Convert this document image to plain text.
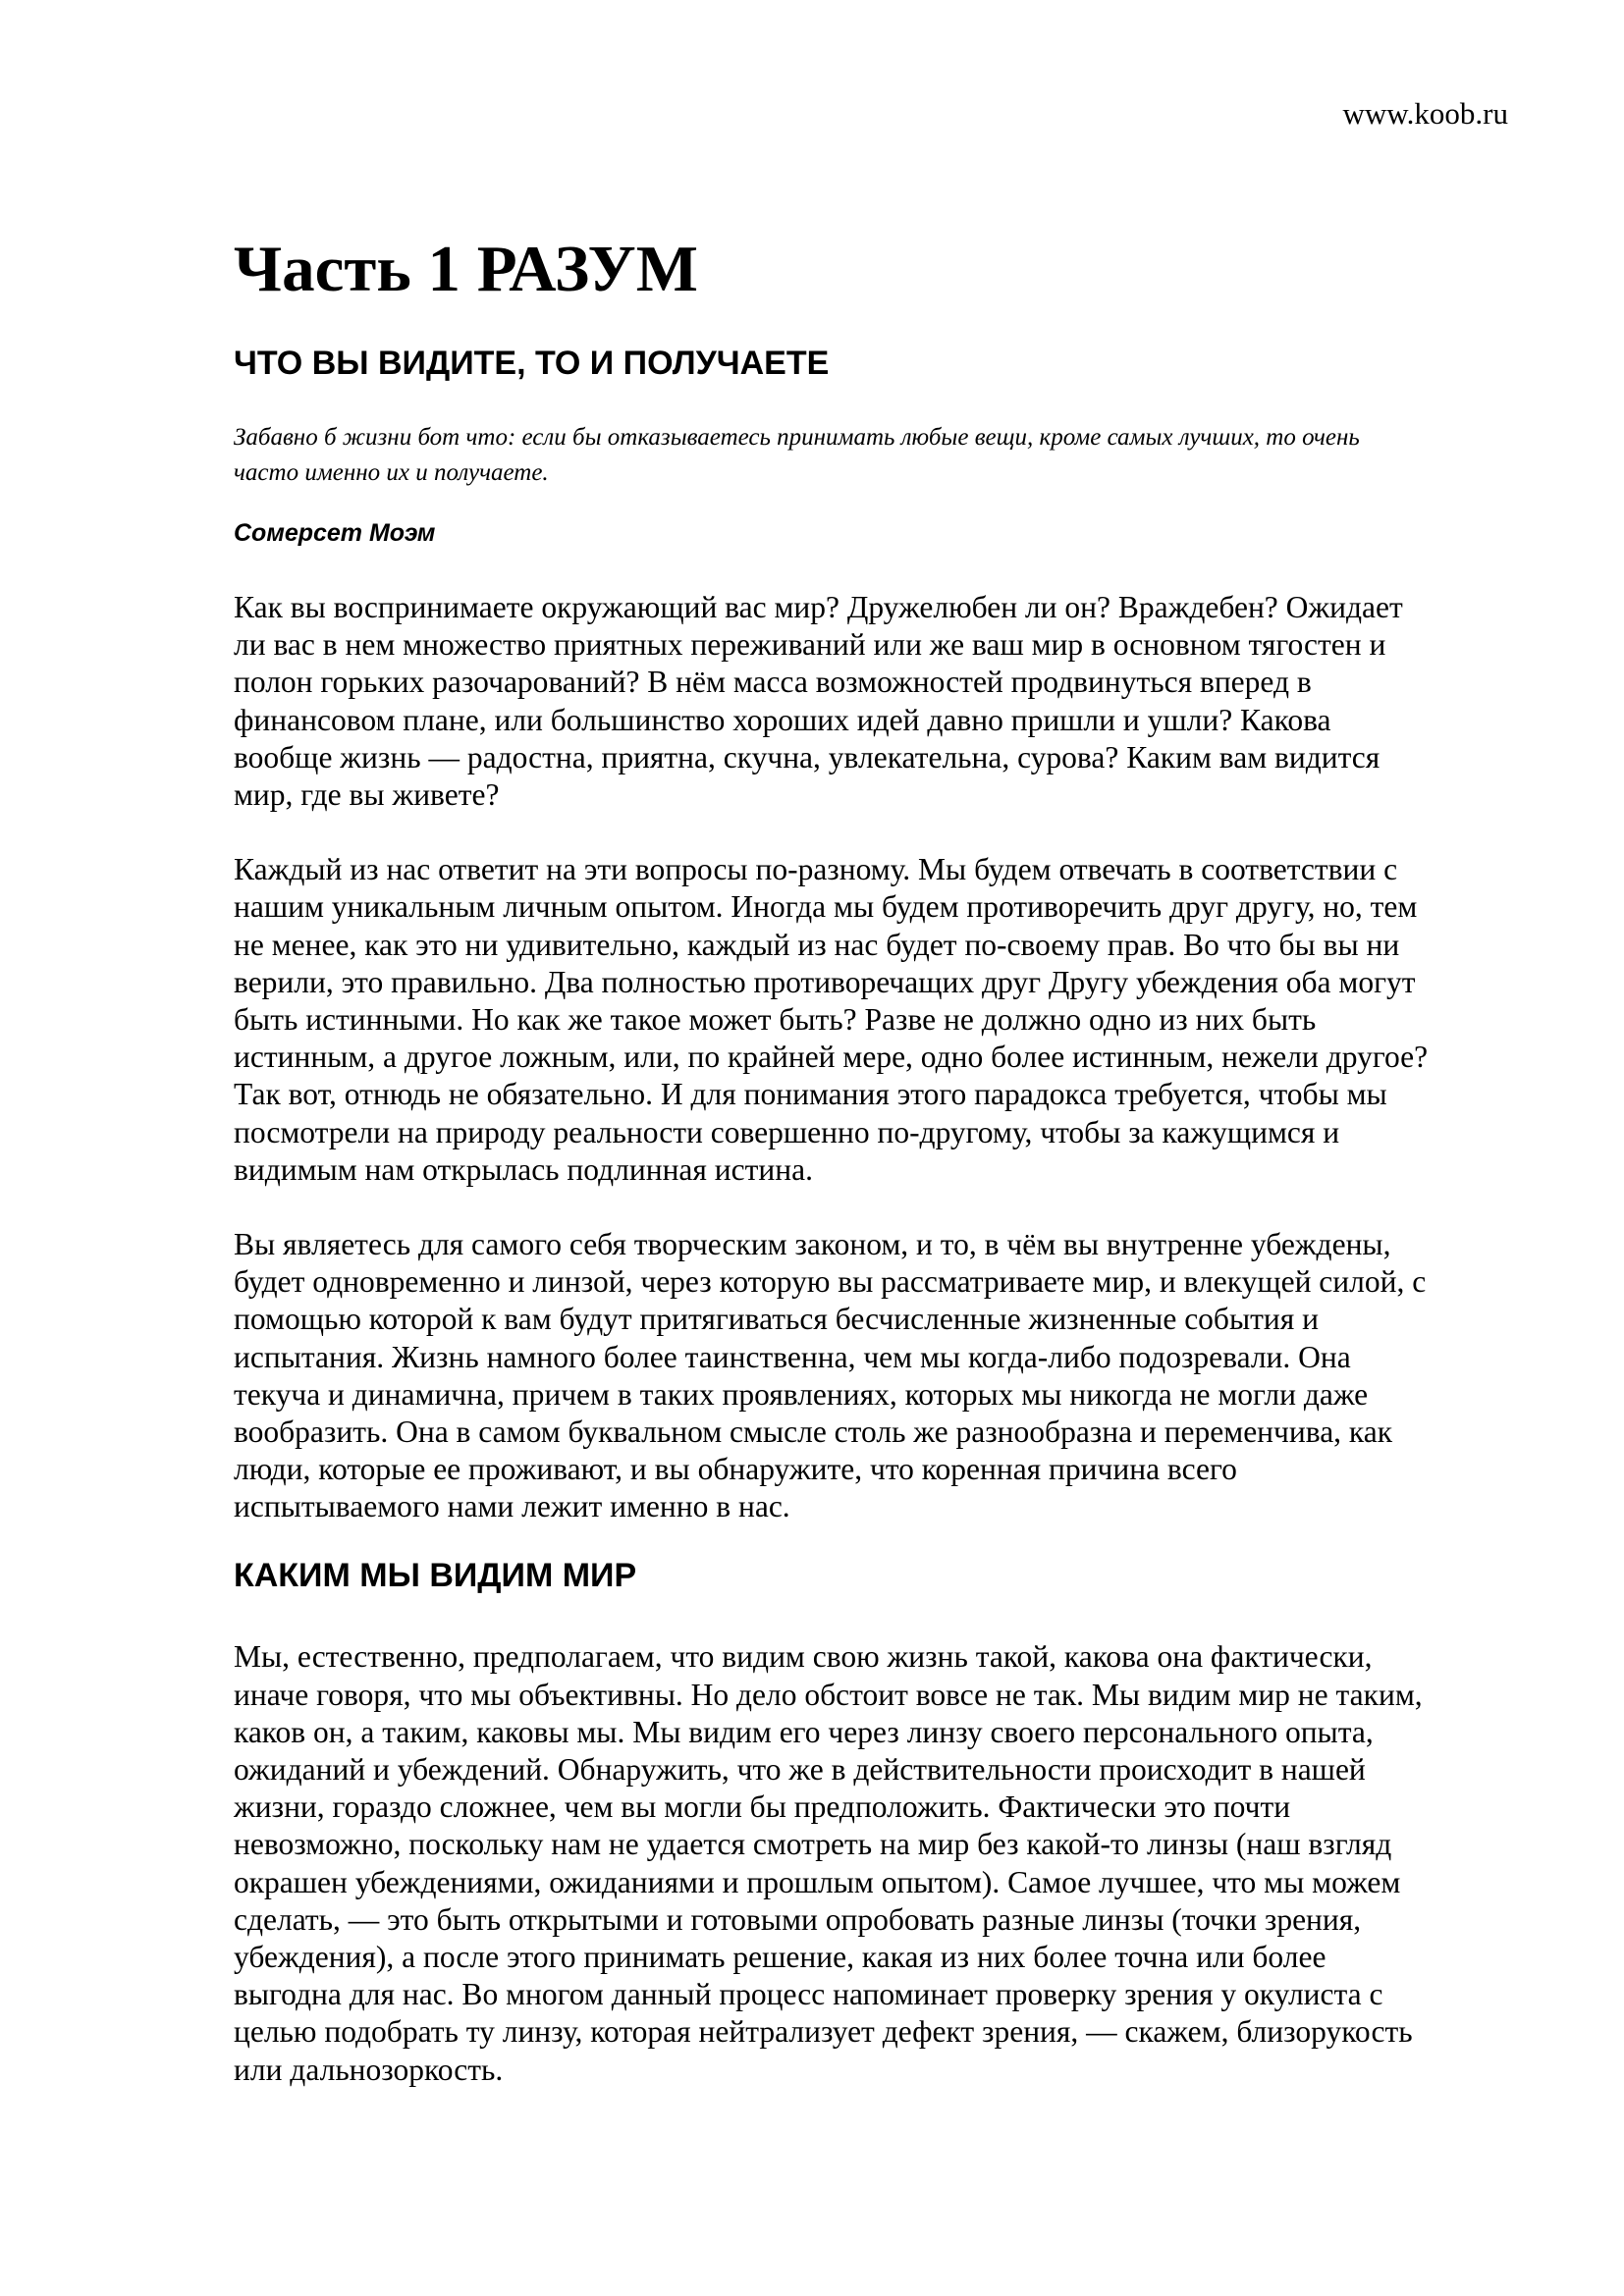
www.koob.ru
Часть 1 РАЗУМ
ЧТО ВЫ ВИДИТЕ, ТО И ПОЛУЧАЕТЕ
Забавно б жизни бот что: если бы отказываетесь принимать любые вещи, кроме самых лучших, то очень
часто именно их и получаете.
Сомерсет Моэм

Как вы воспринимаете окружающий вас мир? Дружелюбен ли он? Враждебен? Ожидает
ли вас в нем множество приятных переживаний или же ваш мир в основном тягостен и
полон горьких разочарований? В нём масса возможностей продвинуться вперед в
финансовом плане, или большинство хороших идей давно пришли и ушли? Какова
вообще жизнь — радостна, приятна, скучна, увлекательна, сурова? Каким вам видится
мир, где вы живете?

Каждый из нас ответит на эти вопросы по-разному. Мы будем отвечать в соответствии с
нашим уникальным личным опытом. Иногда мы будем противоречить друг другу, но, тем
не менее, как это ни удивительно, каждый из нас будет по-своему прав. Во что бы вы ни
верили, это правильно. Два полностью противоречащих друг Другу убеждения оба могут
быть истинными. Но как же такое может быть? Разве не должно одно из них быть
истинным, а другое ложным, или, по крайней мере, одно более истинным, нежели другое?
Так вот, отнюдь не обязательно. И для понимания этого парадокса требуется, чтобы мы
посмотрели на природу реальности совершенно по-другому, чтобы за кажущимся и
видимым нам открылась подлинная истина.

Вы являетесь для самого себя творческим законом, и то, в чём вы внутренне убеждены,
будет одновременно и линзой, через которую вы рассматриваете мир, и влекущей силой, с
помощью которой к вам будут притягиваться бесчисленные жизненные события и
испытания. Жизнь намного более таинственна, чем мы когда-либо подозревали. Она
текуча и динамична, причем в таких проявлениях, которых мы никогда не могли даже
вообразить. Она в самом буквальном смысле столь же разнообразна и переменчива, как
люди, которые ее проживают, и вы обнаружите, что коренная причина всего
испытываемого нами лежит именно в нас.

КАКИМ МЫ ВИДИМ МИР

Мы, естественно, предполагаем, что видим свою жизнь такой, какова она фактически,
иначе говоря, что мы объективны. Но дело обстоит вовсе не так. Мы видим мир не таким,
каков он, а таким, каковы мы. Мы видим его через линзу своего персонального опыта,
ожиданий и убеждений. Обнаружить, что же в действительности происходит в нашей
жизни, гораздо сложнее, чем вы могли бы предположить. Фактически это почти
невозможно, поскольку нам не удается смотреть на мир без какой-то линзы (наш взгляд
окрашен убеждениями, ожиданиями и прошлым опытом). Самое лучшее, что мы можем
сделать, — это быть открытыми и готовыми опробовать разные линзы (точки зрения,
убеждения), а после этого принимать решение, какая из них более точна или более
выгодна для нас. Во многом данный процесс напоминает проверку зрения у окулиста с
целью подобрать ту линзу, которая нейтрализует дефект зрения, — скажем, близорукость
или дальнозоркость.
